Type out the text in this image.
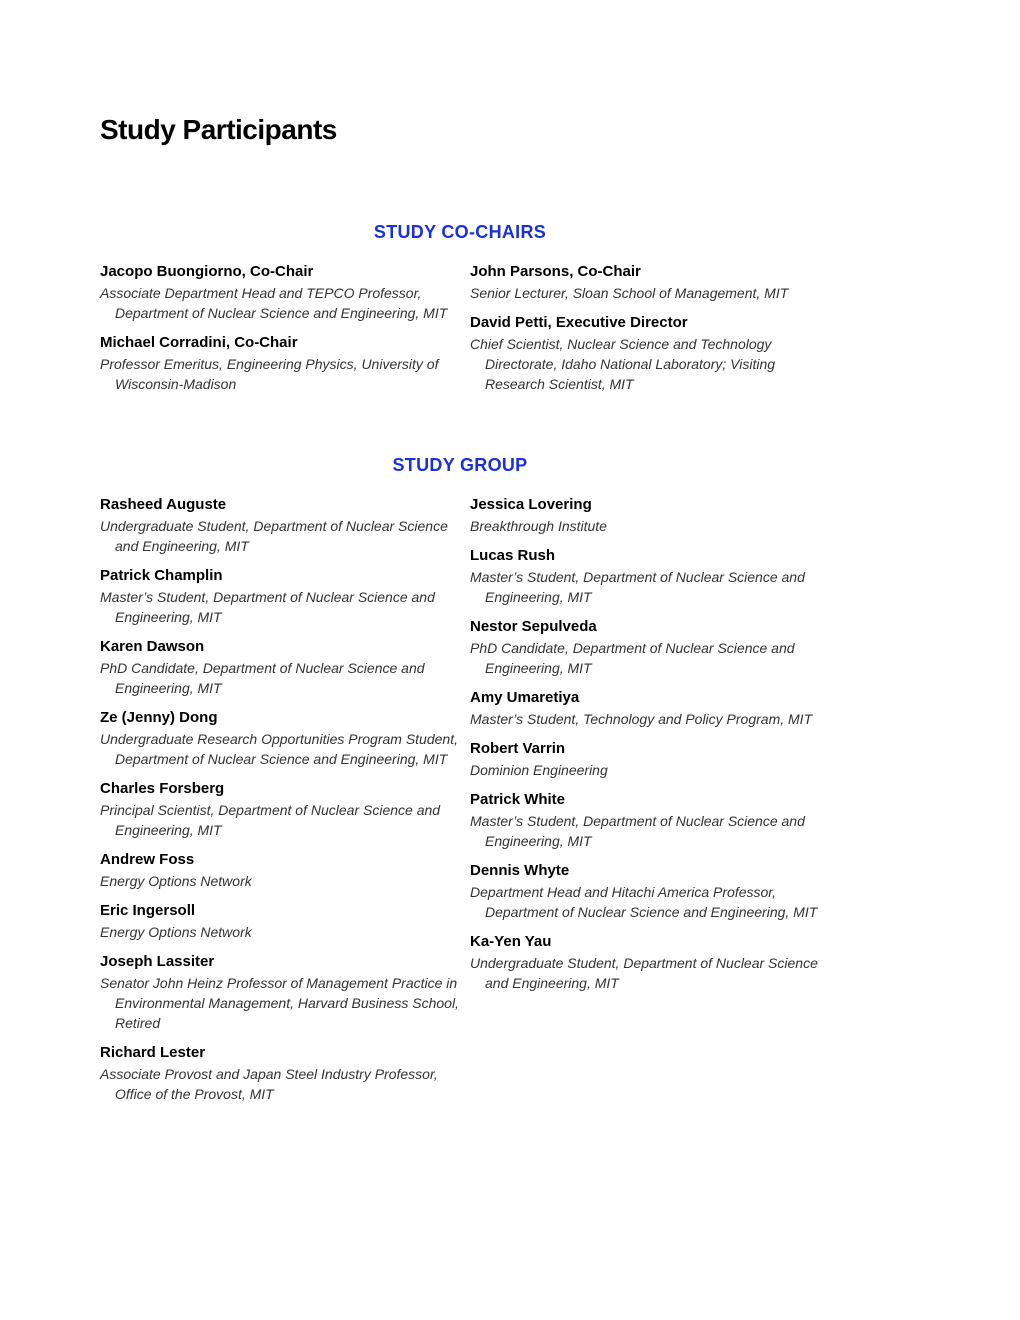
Study Participants
STUDY CO-CHAIRS
Jacopo Buongiorno, Co-Chair
Associate Department Head and TEPCO Professor, Department of Nuclear Science and Engineering, MIT
Michael Corradini, Co-Chair
Professor Emeritus, Engineering Physics, University of Wisconsin-Madison
John Parsons, Co-Chair
Senior Lecturer, Sloan School of Management, MIT
David Petti, Executive Director
Chief Scientist, Nuclear Science and Technology Directorate, Idaho National Laboratory; Visiting Research Scientist, MIT
STUDY GROUP
Rasheed Auguste
Undergraduate Student, Department of Nuclear Science and Engineering, MIT
Patrick Champlin
Master’s Student, Department of Nuclear Science and Engineering, MIT
Karen Dawson
PhD Candidate, Department of Nuclear Science and Engineering, MIT
Ze (Jenny) Dong
Undergraduate Research Opportunities Program Student, Department of Nuclear Science and Engineering, MIT
Charles Forsberg
Principal Scientist, Department of Nuclear Science and Engineering, MIT
Andrew Foss
Energy Options Network
Eric Ingersoll
Energy Options Network
Joseph Lassiter
Senator John Heinz Professor of Management Practice in Environmental Management, Harvard Business School, Retired
Richard Lester
Associate Provost and Japan Steel Industry Professor, Office of the Provost, MIT
Jessica Lovering
Breakthrough Institute
Lucas Rush
Master’s Student, Department of Nuclear Science and Engineering, MIT
Nestor Sepulveda
PhD Candidate, Department of Nuclear Science and Engineering, MIT
Amy Umaretiya
Master’s Student, Technology and Policy Program, MIT
Robert Varrin
Dominion Engineering
Patrick White
Master’s Student, Department of Nuclear Science and Engineering, MIT
Dennis Whyte
Department Head and Hitachi America Professor, Department of Nuclear Science and Engineering, MIT
Ka-Yen Yau
Undergraduate Student, Department of Nuclear Science and Engineering, MIT
